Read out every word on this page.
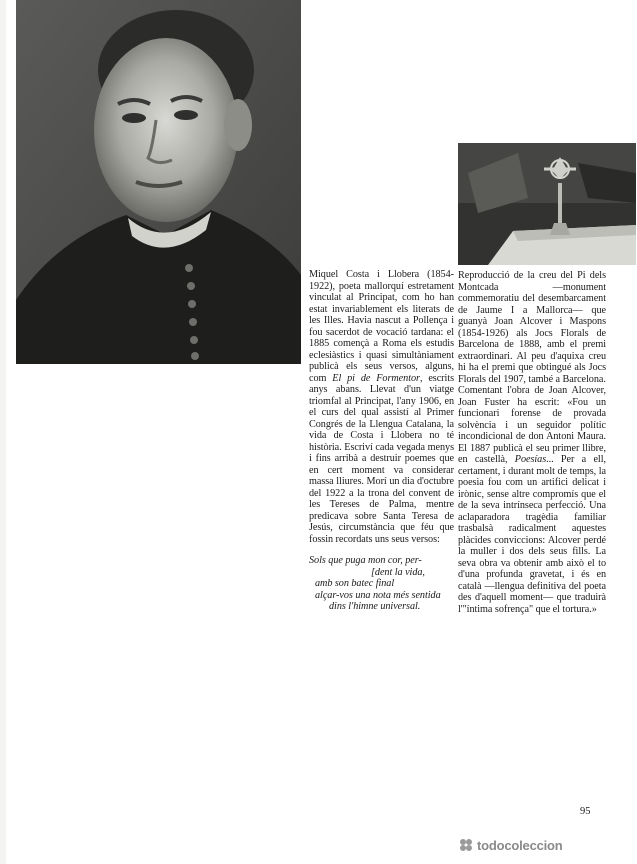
Miquel Costa i Llobera (1854-1922), poeta mallorquí estretament vinculat al Principat, com ho han estat invariablement els literats de les Illes. Havia nascut a Pollença i fou sacerdot de vocació tardana: el 1885 començà a Roma els estudis eclesiàstics i quasi simultàniament publicà els seus versos, alguns, com El pi de Formentor, escrits anys abans. Llevat d'un viatge triomfal al Principat, l'any 1906, en el curs del qual assistí al Primer Congrés de la Llengua Catalana, la vida de Costa i Llobera no té història. Escriví cada vegada menys i fins arribà a destruir poemes que en cert moment va considerar massa lliures. Morí un dia d'octubre del 1922 a la trona del convent de les Tereses de Palma, mentre predicava sobre Santa Teresa de Jesús, circumstància que féu que fossin recordats uns seus versos:

Sols que puga mon cor, per-
[dent la vida,
amb son batec final
alçar-vos una nota més sentida
dins l'himne universal.

Reproducció de la creu del Pi dels Montcada —monument commemoratiu del desembarcament de Jaume I a Mallorca— que guanyà Joan Alcover i Maspons (1854-1926) als Jocs Florals de Barcelona de 1888, amb el premi extraordinari. Al peu d'aquixa creu hi ha el premi que obtingué als Jocs Florals del 1907, també a Barcelona.

Comentant l'obra de Joan Alcover, Joan Fuster ha escrit: «Fou un funcionari forense de provada solvència i un seguidor polític incondicional de don Antoni Maura. El 1887 publicà el seu primer llibre, en castellà, Poesías... Per a ell, certament, i durant molt de temps, la poesia fou com un artifici delicat i irònic, sense altre compromís que el de la seva intrínseca perfecció. Una aclaparadora tragèdia familiar trasbalsà radicalment aquestes plàcides conviccions: Alcover perdé la muller i dos dels seus fills. La seva obra va obtenir amb això el to d'una profunda gravetat, i és en català —llengua definitiva del poeta des d'aquell moment— que traduirà l'"íntima sofrença" que el tortura.»

95
todocoleccion
